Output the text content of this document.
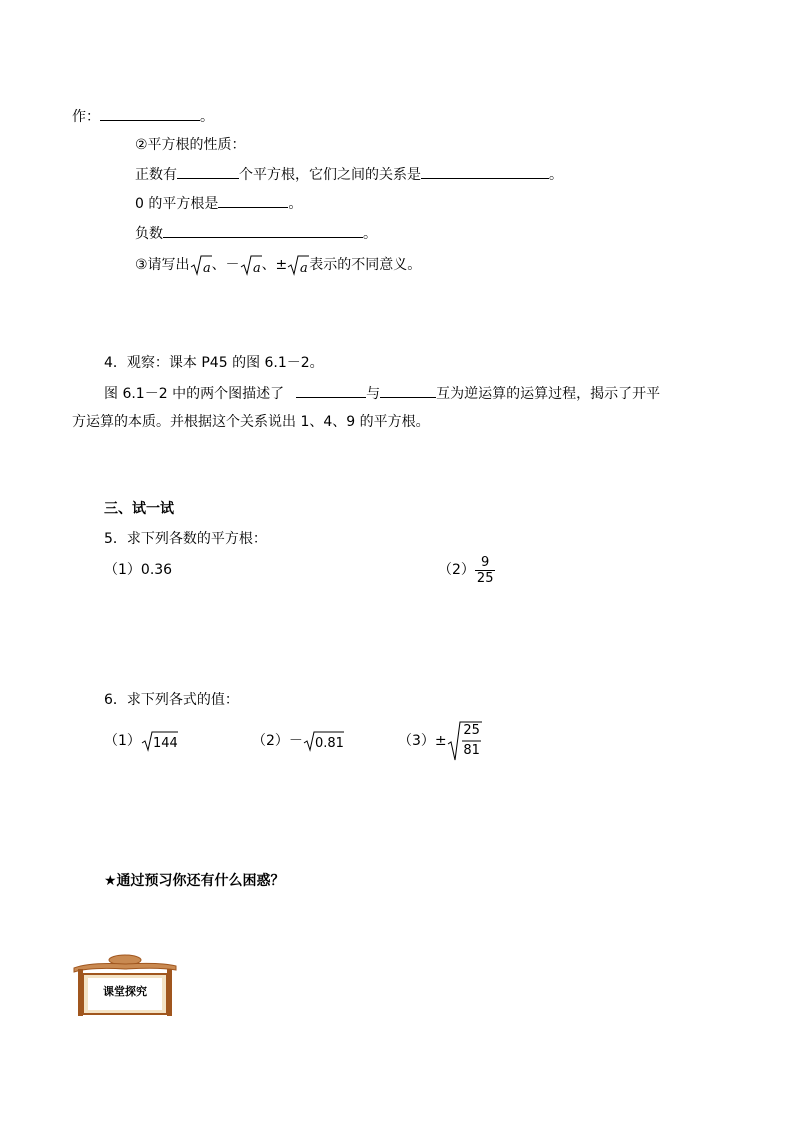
作：	。
②平方根的性质：
正数有	个平方根，它们之间的关系是	。
0 的平方根是	。
负数	。
③请写出 a 、－ a 、± a 表示的不同意义。
4．观察：课本 P45 的图 6.1－2。
图 6.1－2 中的两个图描述了	与	互为逆运算的运算过程，揭示了开平
方运算的本质。并根据这个关系说出 1、4、9 的平方根。
三、试一试
5．求下列各数的平方根：
（1）0.36	$(2) \frac{9}{25}$
6．求下列各式的值：
（1） 144	（2）－ 0.81	（3）±
25
81
★通过预习你还有什么困惑？
课堂探究
